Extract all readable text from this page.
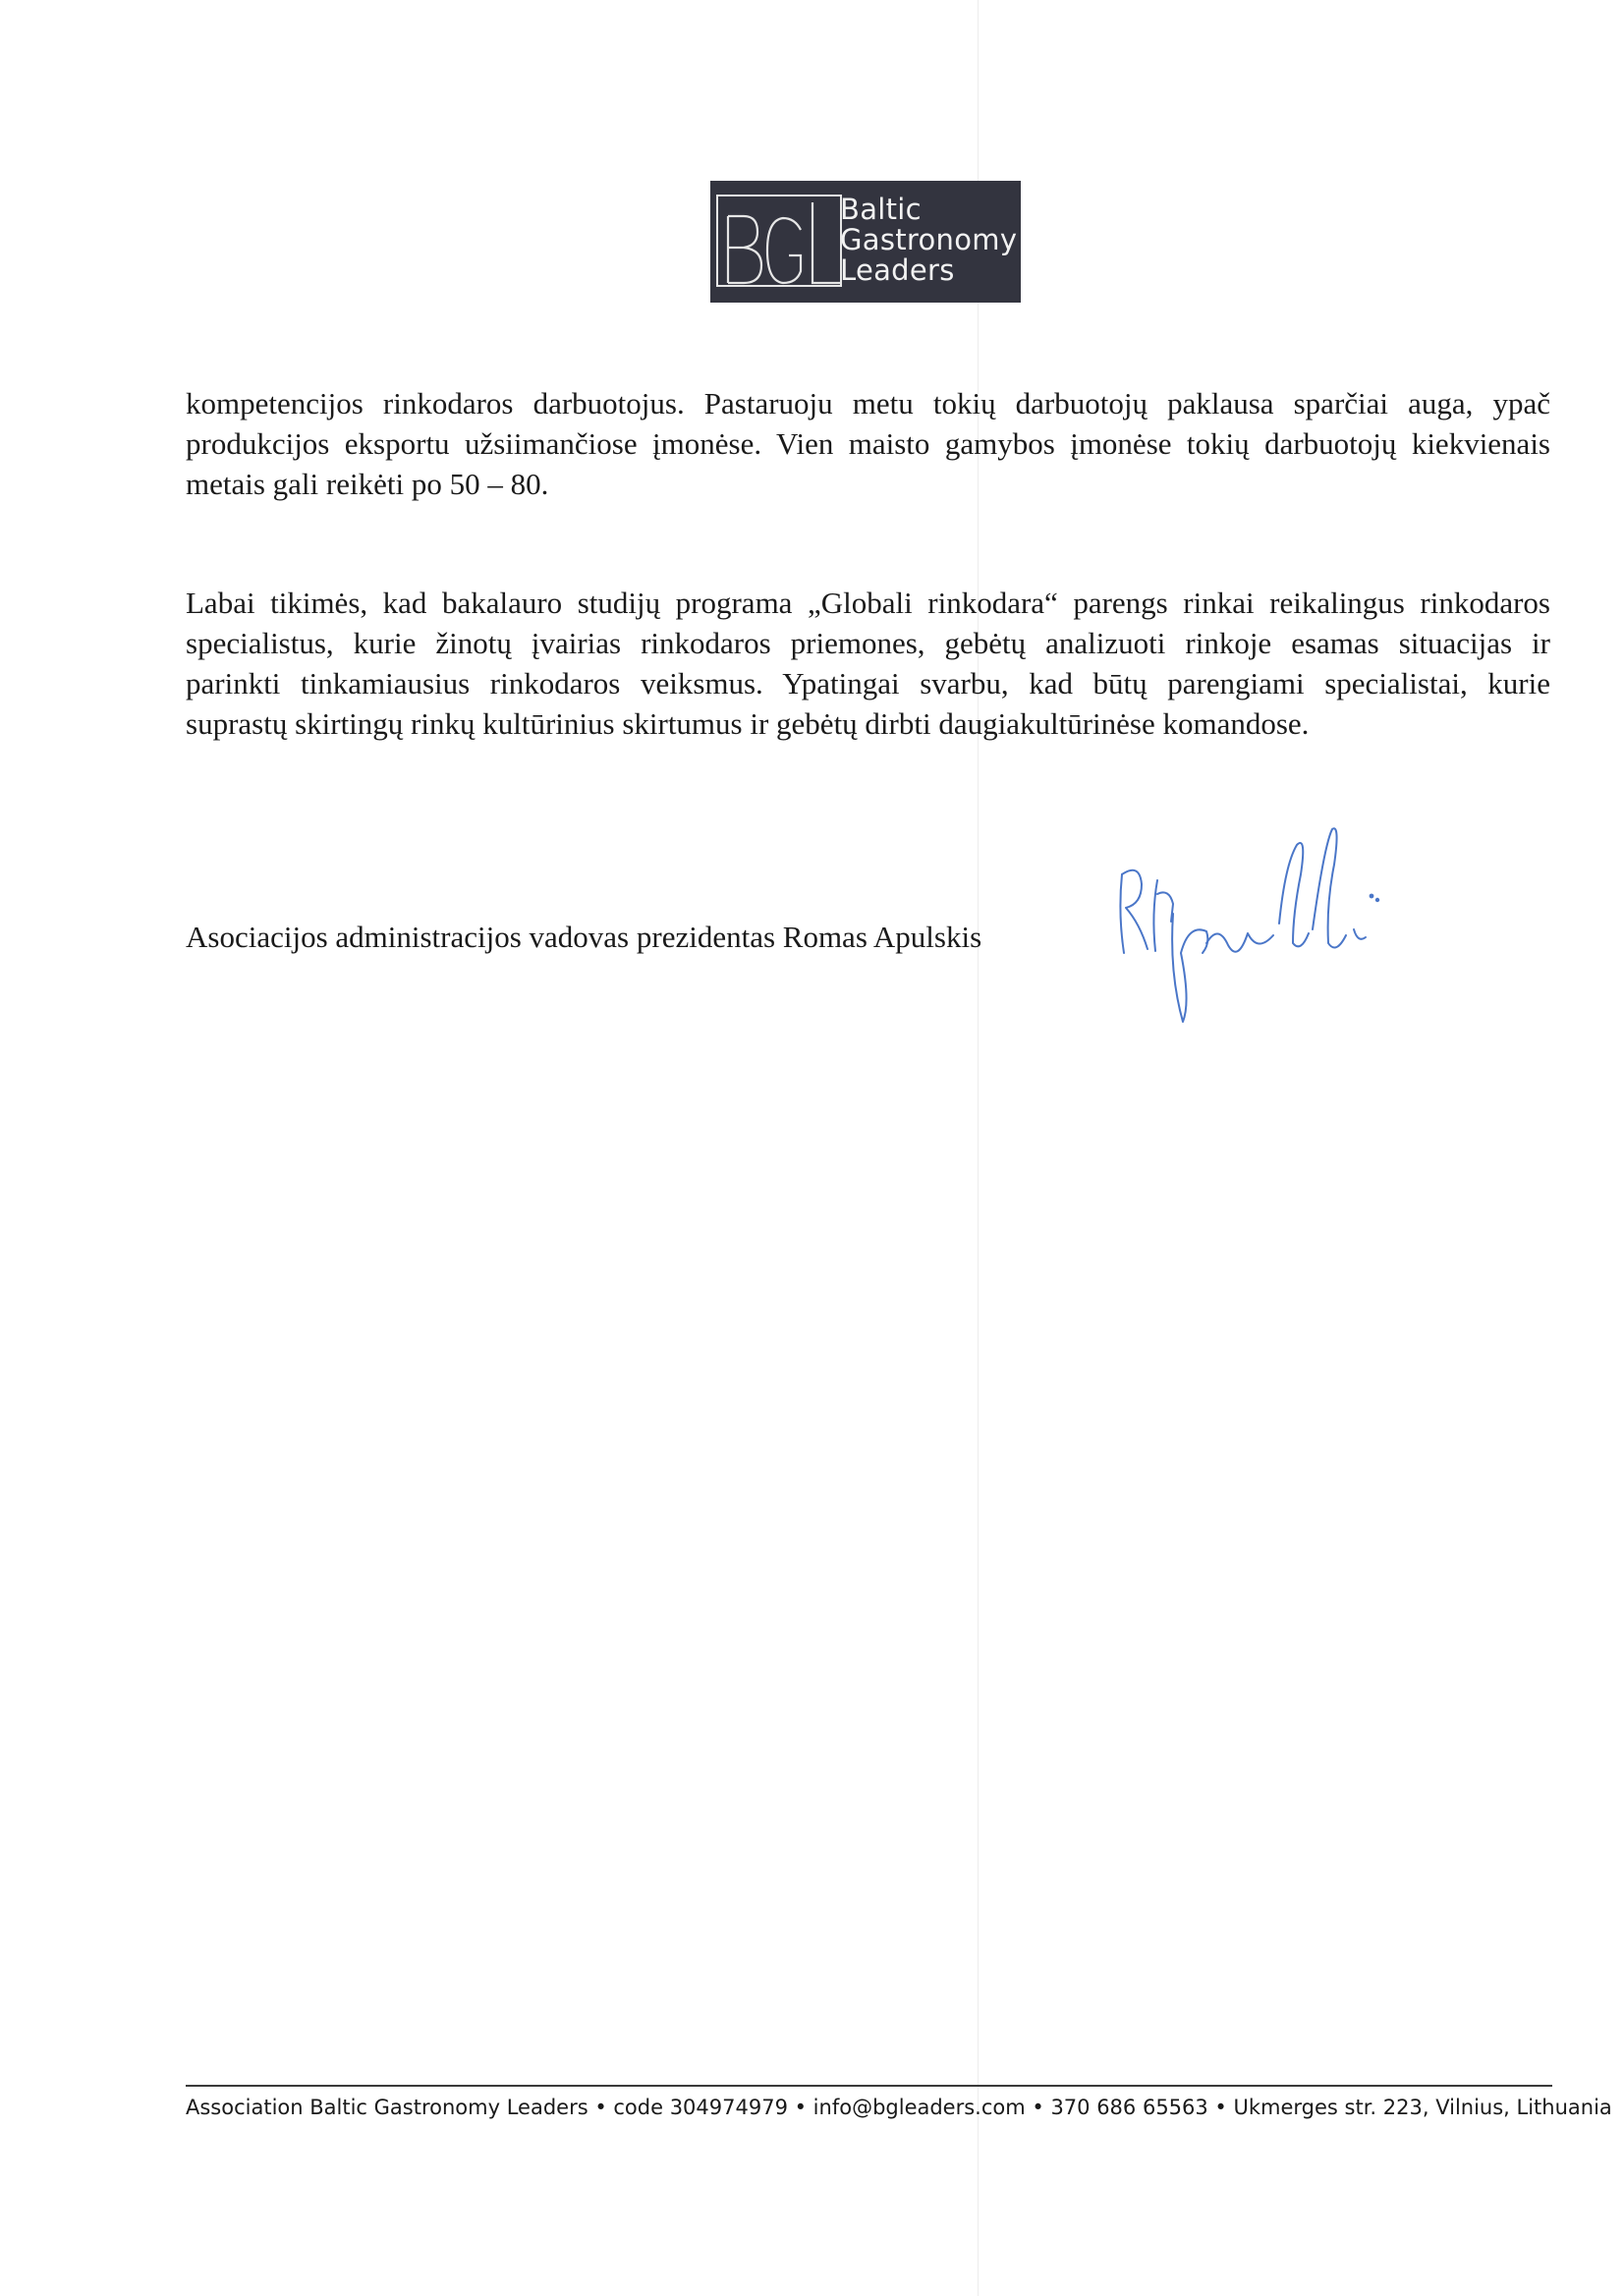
Baltic
Gastronomy
Leaders

kompetencijos rinkodaros darbuotojus. Pastaruoju metu tokių darbuotojų paklausa sparčiai auga, ypač
produkcijos eksportu užsiimančiose įmonėse. Vien maisto gamybos įmonėse tokių darbuotojų kiekvienais
metais gali reikėti po 50 – 80.

Labai tikimės, kad bakalauro studijų programa „Globali rinkodara“ parengs rinkai reikalingus rinkodaros
specialistus, kurie žinotų įvairias rinkodaros priemones, gebėtų analizuoti rinkoje esamas situacijas ir
parinkti tinkamiausius rinkodaros veiksmus. Ypatingai svarbu, kad būtų parengiami specialistai, kurie
suprastų skirtingų rinkų kultūrinius skirtumus ir gebėtų dirbti daugiakultūrinėse komandose.

Asociacijos administracijos vadovas prezidentas Romas Apulskis
Association Baltic Gastronomy Leaders • code 304974979 • info@bgleaders.com • 370 686 65563 • Ukmerges str. 223, Vilnius, Lithuania
